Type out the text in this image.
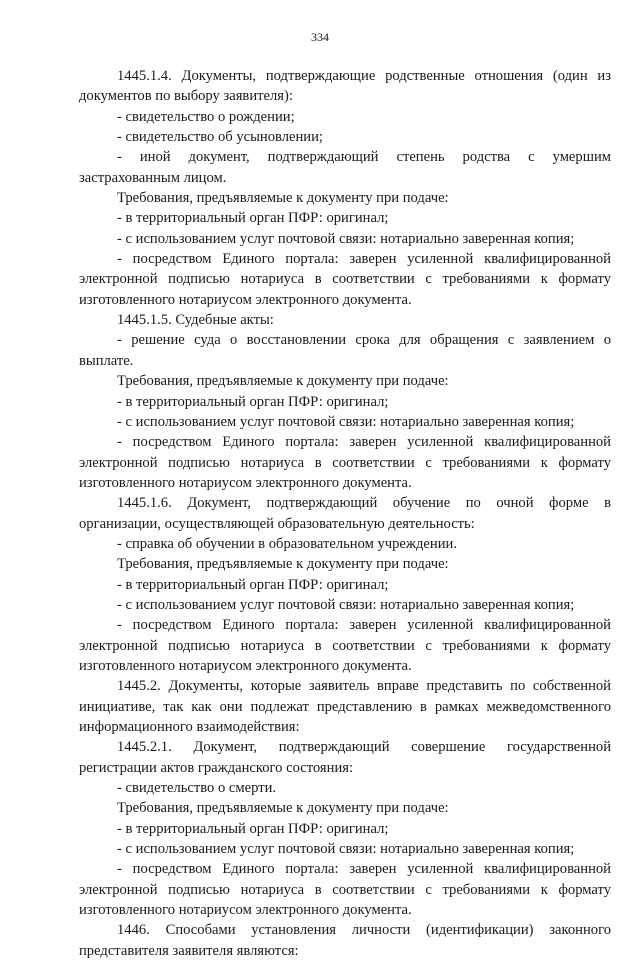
334

1445.1.4. Документы, подтверждающие родственные отношения (один из документов по выбору заявителя):

- свидетельство о рождении;

- свидетельство об усыновлении;

- иной документ, подтверждающий степень родства с умершим застрахованным лицом.

Требования, предъявляемые к документу при подаче:

- в территориальный орган ПФР: оригинал;

- с использованием услуг почтовой связи: нотариально заверенная копия;

- посредством Единого портала: заверен усиленной квалифицированной электронной подписью нотариуса в соответствии с требованиями к формату изготовленного нотариусом электронного документа.

1445.1.5. Судебные акты:

- решение суда о восстановлении срока для обращения с заявлением о выплате.

Требования, предъявляемые к документу при подаче:

- в территориальный орган ПФР: оригинал;

- с использованием услуг почтовой связи: нотариально заверенная копия;

- посредством Единого портала: заверен усиленной квалифицированной электронной подписью нотариуса в соответствии с требованиями к формату изготовленного нотариусом электронного документа.

1445.1.6. Документ, подтверждающий обучение по очной форме в организации, осуществляющей образовательную деятельность:

- справка об обучении в образовательном учреждении.

Требования, предъявляемые к документу при подаче:

- в территориальный орган ПФР: оригинал;

- с использованием услуг почтовой связи: нотариально заверенная копия;

- посредством Единого портала: заверен усиленной квалифицированной электронной подписью нотариуса в соответствии с требованиями к формату изготовленного нотариусом электронного документа.

1445.2. Документы, которые заявитель вправе представить по собственной инициативе, так как они подлежат представлению в рамках межведомственного информационного взаимодействия:

1445.2.1. Документ, подтверждающий совершение государственной регистрации актов гражданского состояния:

- свидетельство о смерти.

Требования, предъявляемые к документу при подаче:

- в территориальный орган ПФР: оригинал;

- с использованием услуг почтовой связи: нотариально заверенная копия;

- посредством Единого портала: заверен усиленной квалифицированной электронной подписью нотариуса в соответствии с требованиями к формату изготовленного нотариусом электронного документа.

1446. Способами установления личности (идентификации) законного представителя заявителя являются:
